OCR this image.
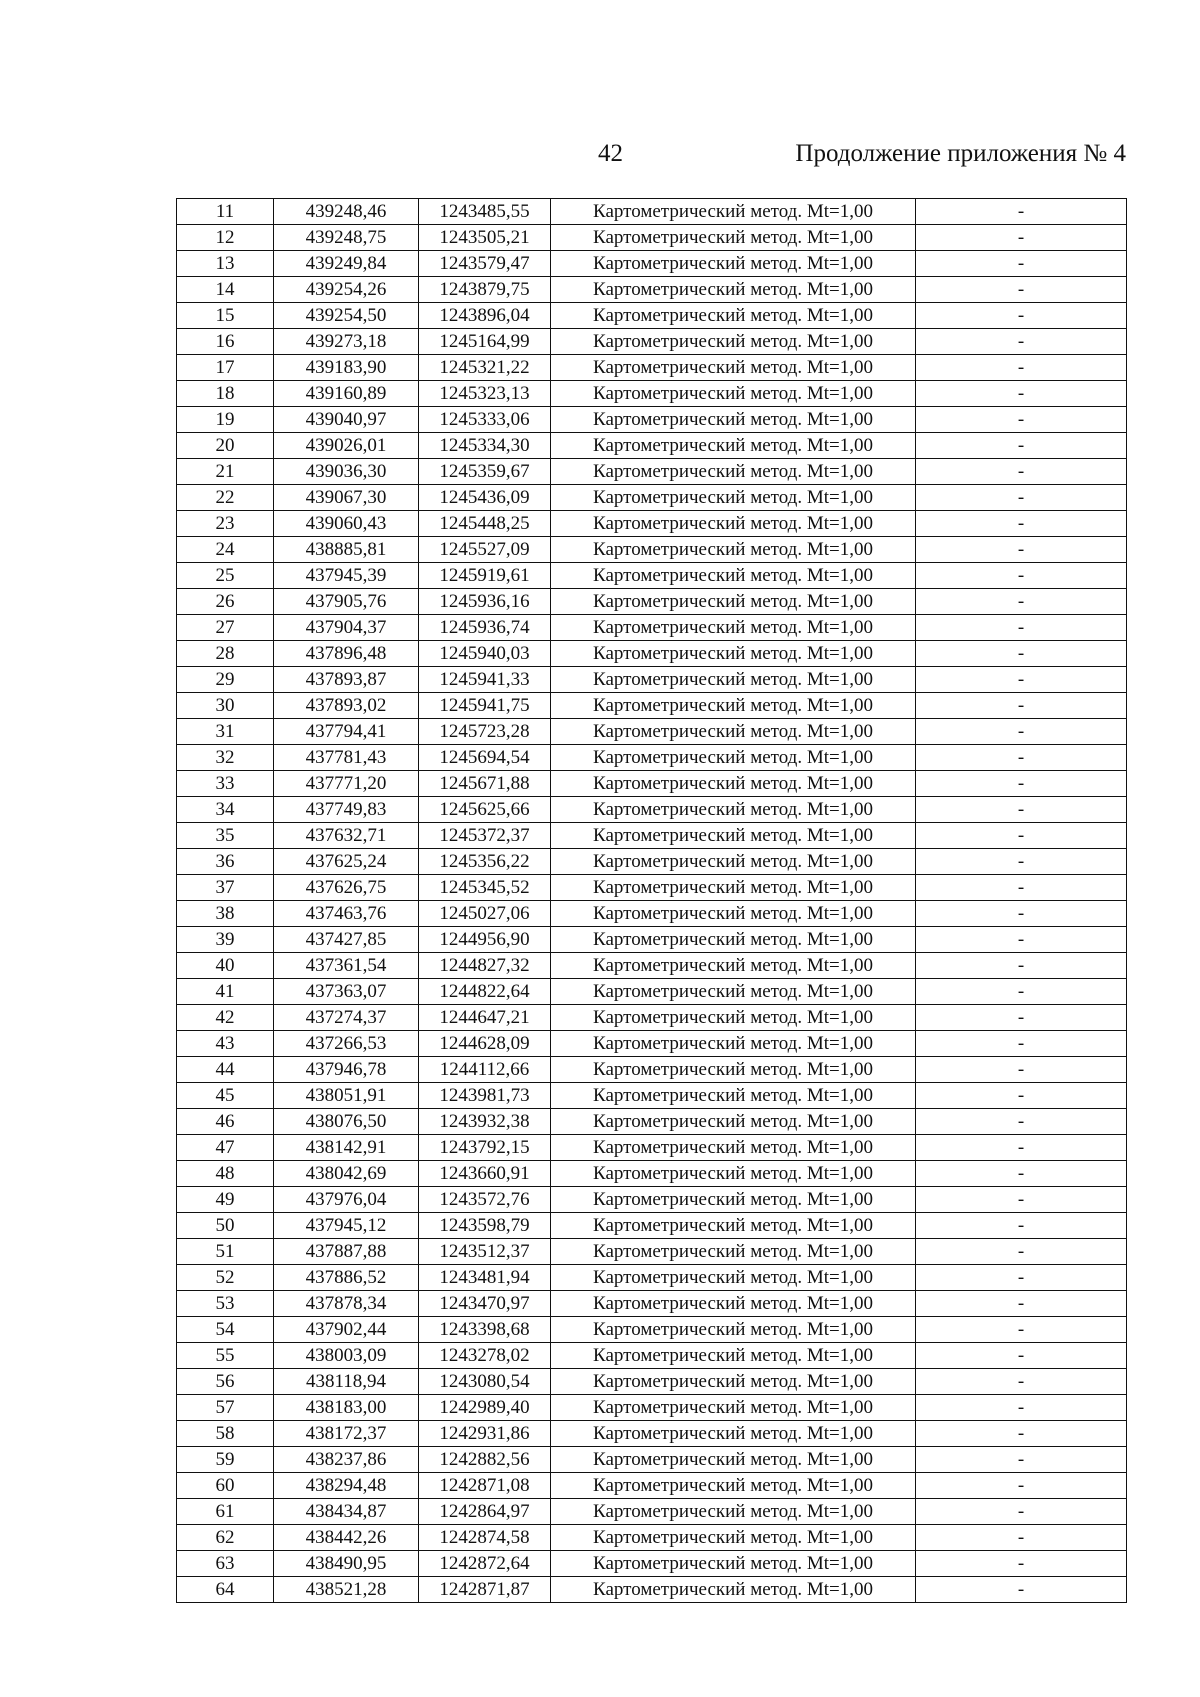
42	Продолжение приложения № 4
11	439248,46	1243485,55	Картометрический метод. Mt=1,00	-
12	439248,75	1243505,21	Картометрический метод. Mt=1,00	-
13	439249,84	1243579,47	Картометрический метод. Mt=1,00	-
14	439254,26	1243879,75	Картометрический метод. Mt=1,00	-
15	439254,50	1243896,04	Картометрический метод. Mt=1,00	-
16	439273,18	1245164,99	Картометрический метод. Mt=1,00	-
17	439183,90	1245321,22	Картометрический метод. Mt=1,00	-
18	439160,89	1245323,13	Картометрический метод. Mt=1,00	-
19	439040,97	1245333,06	Картометрический метод. Mt=1,00	-
20	439026,01	1245334,30	Картометрический метод. Mt=1,00	-
21	439036,30	1245359,67	Картометрический метод. Mt=1,00	-
22	439067,30	1245436,09	Картометрический метод. Mt=1,00	-
23	439060,43	1245448,25	Картометрический метод. Mt=1,00	-
24	438885,81	1245527,09	Картометрический метод. Mt=1,00	-
25	437945,39	1245919,61	Картометрический метод. Mt=1,00	-
26	437905,76	1245936,16	Картометрический метод. Mt=1,00	-
27	437904,37	1245936,74	Картометрический метод. Mt=1,00	-
28	437896,48	1245940,03	Картометрический метод. Mt=1,00	-
29	437893,87	1245941,33	Картометрический метод. Mt=1,00	-
30	437893,02	1245941,75	Картометрический метод. Mt=1,00	-
31	437794,41	1245723,28	Картометрический метод. Mt=1,00	-
32	437781,43	1245694,54	Картометрический метод. Mt=1,00	-
33	437771,20	1245671,88	Картометрический метод. Mt=1,00	-
34	437749,83	1245625,66	Картометрический метод. Mt=1,00	-
35	437632,71	1245372,37	Картометрический метод. Mt=1,00	-
36	437625,24	1245356,22	Картометрический метод. Mt=1,00	-
37	437626,75	1245345,52	Картометрический метод. Mt=1,00	-
38	437463,76	1245027,06	Картометрический метод. Mt=1,00	-
39	437427,85	1244956,90	Картометрический метод. Mt=1,00	-
40	437361,54	1244827,32	Картометрический метод. Mt=1,00	-
41	437363,07	1244822,64	Картометрический метод. Mt=1,00	-
42	437274,37	1244647,21	Картометрический метод. Mt=1,00	-
43	437266,53	1244628,09	Картометрический метод. Mt=1,00	-
44	437946,78	1244112,66	Картометрический метод. Mt=1,00	-
45	438051,91	1243981,73	Картометрический метод. Mt=1,00	-
46	438076,50	1243932,38	Картометрический метод. Mt=1,00	-
47	438142,91	1243792,15	Картометрический метод. Mt=1,00	-
48	438042,69	1243660,91	Картометрический метод. Mt=1,00	-
49	437976,04	1243572,76	Картометрический метод. Mt=1,00	-
50	437945,12	1243598,79	Картометрический метод. Mt=1,00	-
51	437887,88	1243512,37	Картометрический метод. Mt=1,00	-
52	437886,52	1243481,94	Картометрический метод. Mt=1,00	-
53	437878,34	1243470,97	Картометрический метод. Mt=1,00	-
54	437902,44	1243398,68	Картометрический метод. Mt=1,00	-
55	438003,09	1243278,02	Картометрический метод. Mt=1,00	-
56	438118,94	1243080,54	Картометрический метод. Mt=1,00	-
57	438183,00	1242989,40	Картометрический метод. Mt=1,00	-
58	438172,37	1242931,86	Картометрический метод. Mt=1,00	-
59	438237,86	1242882,56	Картометрический метод. Mt=1,00	-
60	438294,48	1242871,08	Картометрический метод. Mt=1,00	-
61	438434,87	1242864,97	Картометрический метод. Mt=1,00	-
62	438442,26	1242874,58	Картометрический метод. Mt=1,00	-
63	438490,95	1242872,64	Картометрический метод. Mt=1,00	-
64	438521,28	1242871,87	Картометрический метод. Mt=1,00	-
